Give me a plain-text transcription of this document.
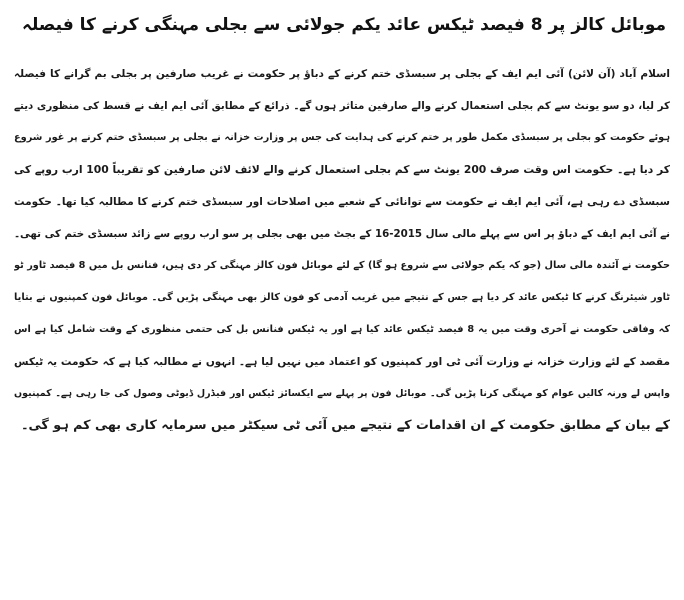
موبائل کالز پر 8 فیصد ٹیکس عائد یکم جولائی سے بجلی مہنگی کرنے کا فیصلہ
اسلام آباد (آن لائن) آئی ایم ایف کے بجلی پر سبسڈی ختم کرنے کے دباؤ پر حکومت نے غریب صارفین پر بجلی بم گرانے کا فیصلہ
کر لیا، دو سو یونٹ سے کم بجلی استعمال کرنے والے صارفین متاثر ہوں گے۔ ذرائع کے مطابق آئی ایم ایف نے قسط کی منظوری دیتے
ہوئے حکومت کو بجلی پر سبسڈی مکمل طور پر ختم کرنے کی ہدایت کی جس پر وزارت خزانہ نے بجلی پر سبسڈی ختم کرنے پر غور شروع
کر دیا ہے۔ حکومت اس وقت صرف 200 یونٹ سے کم بجلی استعمال کرنے والے لائف لائن صارفین کو تقریباً 100 ارب روپے کی
سبسڈی دے رہی ہے، آئی ایم ایف نے حکومت سے توانائی کے شعبے میں اصلاحات اور سبسڈی ختم کرنے کا مطالبہ کیا تھا۔ حکومت
نے آئی ایم ایف کے دباؤ پر اس سے پہلے مالی سال 2015-16 کے بجٹ میں بھی بجلی پر سو ارب روپے سے زائد سبسڈی ختم کی تھی۔
حکومت نے آئندہ مالی سال (جو کہ یکم جولائی سے شروع ہو گا) کے لئے موبائل فون کالز مہنگی کر دی ہیں، فنانس بل میں 8 فیصد ٹاور ٹو
ٹاور شیئرنگ کرنے کا ٹیکس عائد کر دیا ہے جس کے نتیجے میں غریب آدمی کو فون کالز بھی مہنگی پڑیں گی۔ موبائل فون کمپنیوں نے بتایا
کہ وفاقی حکومت نے آخری وقت میں یہ 8 فیصد ٹیکس عائد کیا ہے اور یہ ٹیکس فنانس بل کی حتمی منظوری کے وقت شامل کیا ہے اس
مقصد کے لئے وزارت خزانہ نے وزارت آئی ٹی اور کمپنیوں کو اعتماد میں نہیں لیا ہے۔ انہوں نے مطالبہ کیا ہے کہ حکومت یہ ٹیکس
واپس لے ورنہ کالیں عوام کو مہنگی کرنا پڑیں گی۔ موبائل فون پر پہلے سے ایکسائز ٹیکس اور فیڈرل ڈیوٹی وصول کی جا رہی ہے۔ کمپنیوں
کے بیان کے مطابق حکومت کے ان اقدامات کے نتیجے میں آئی ٹی سیکٹر میں سرمایہ کاری بھی کم ہو گی۔
